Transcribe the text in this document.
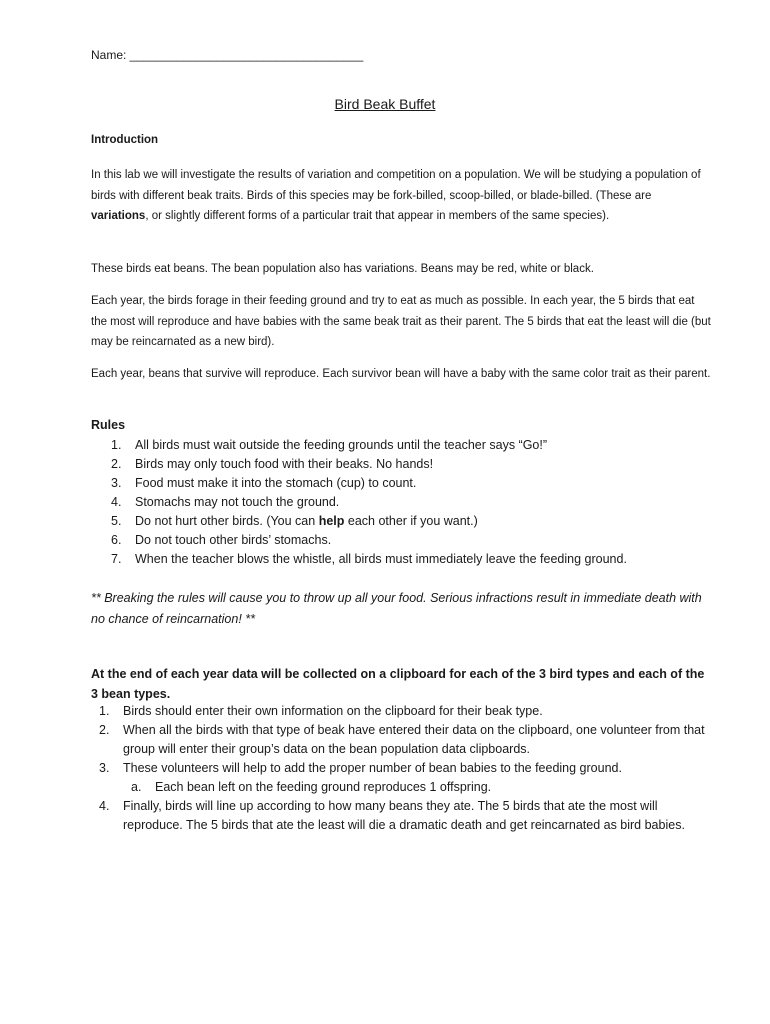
Name: ___________________________________
Bird Beak Buffet
Introduction

In this lab we will investigate the results of variation and competition on a population. We will be studying a population of birds with different beak traits. Birds of this species may be fork-billed, scoop-billed, or blade-billed. (These are variations, or slightly different forms of a particular trait that appear in members of the same species).

These birds eat beans. The bean population also has variations. Beans may be red, white or black.

Each year, the birds forage in their feeding ground and try to eat as much as possible. In each year, the 5 birds that eat the most will reproduce and have babies with the same beak trait as their parent. The 5 birds that eat the least will die (but may be reincarnated as a new bird).

Each year, beans that survive will reproduce. Each survivor bean will have a baby with the same color trait as their parent.

Rules
1. All birds must wait outside the feeding grounds until the teacher says “Go!”
2. Birds may only touch food with their beaks. No hands!
3. Food must make it into the stomach (cup) to count.
4. Stomachs may not touch the ground.
5. Do not hurt other birds. (You can help each other if you want.)
6. Do not touch other birds’ stomachs.
7. When the teacher blows the whistle, all birds must immediately leave the feeding ground.
** Breaking the rules will cause you to throw up all your food. Serious infractions result in immediate death with no chance of reincarnation! **
At the end of each year data will be collected on a clipboard for each of the 3 bird types and each of the 3 bean types.
1. Birds should enter their own information on the clipboard for their beak type.
2. When all the birds with that type of beak have entered their data on the clipboard, one volunteer from that group will enter their group’s data on the bean population data clipboards.
3. These volunteers will help to add the proper number of bean babies to the feeding ground.
a. Each bean left on the feeding ground reproduces 1 offspring.
4. Finally, birds will line up according to how many beans they ate. The 5 birds that ate the most will reproduce. The 5 birds that ate the least will die a dramatic death and get reincarnated as bird babies.
